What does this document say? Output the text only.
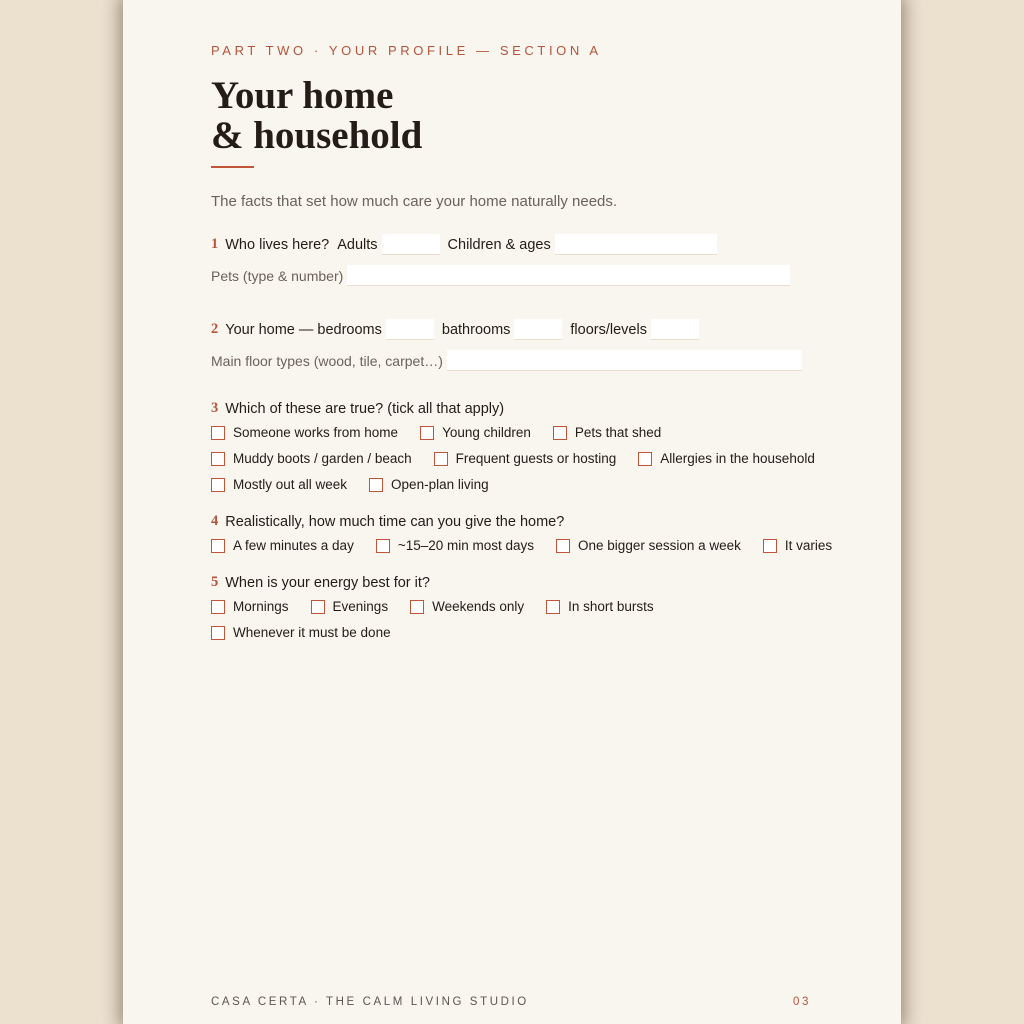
PART TWO · YOUR PROFILE — SECTION A
Your home
& household
The facts that set how much care your home naturally needs.
1 Who lives here? Adults	Children & ages
Pets (type & number)
2 Your home — bedrooms	bathrooms	floors/levels
Main floor types (wood, tile, carpet…)
3 Which of these are true? (tick all that apply)
Someone works from home	Young children	Pets that shed
Muddy boots / garden / beach	Frequent guests or hosting	Allergies in the household
Mostly out all week	Open-plan living
4 Realistically, how much time can you give the home?
A few minutes a day	~15–20 min most days	One bigger session a week	It varies
5 When is your energy best for it?
Mornings	Evenings	Weekends only	In short bursts
Whenever it must be done
CASA CERTA · THE CALM LIVING STUDIO	03
